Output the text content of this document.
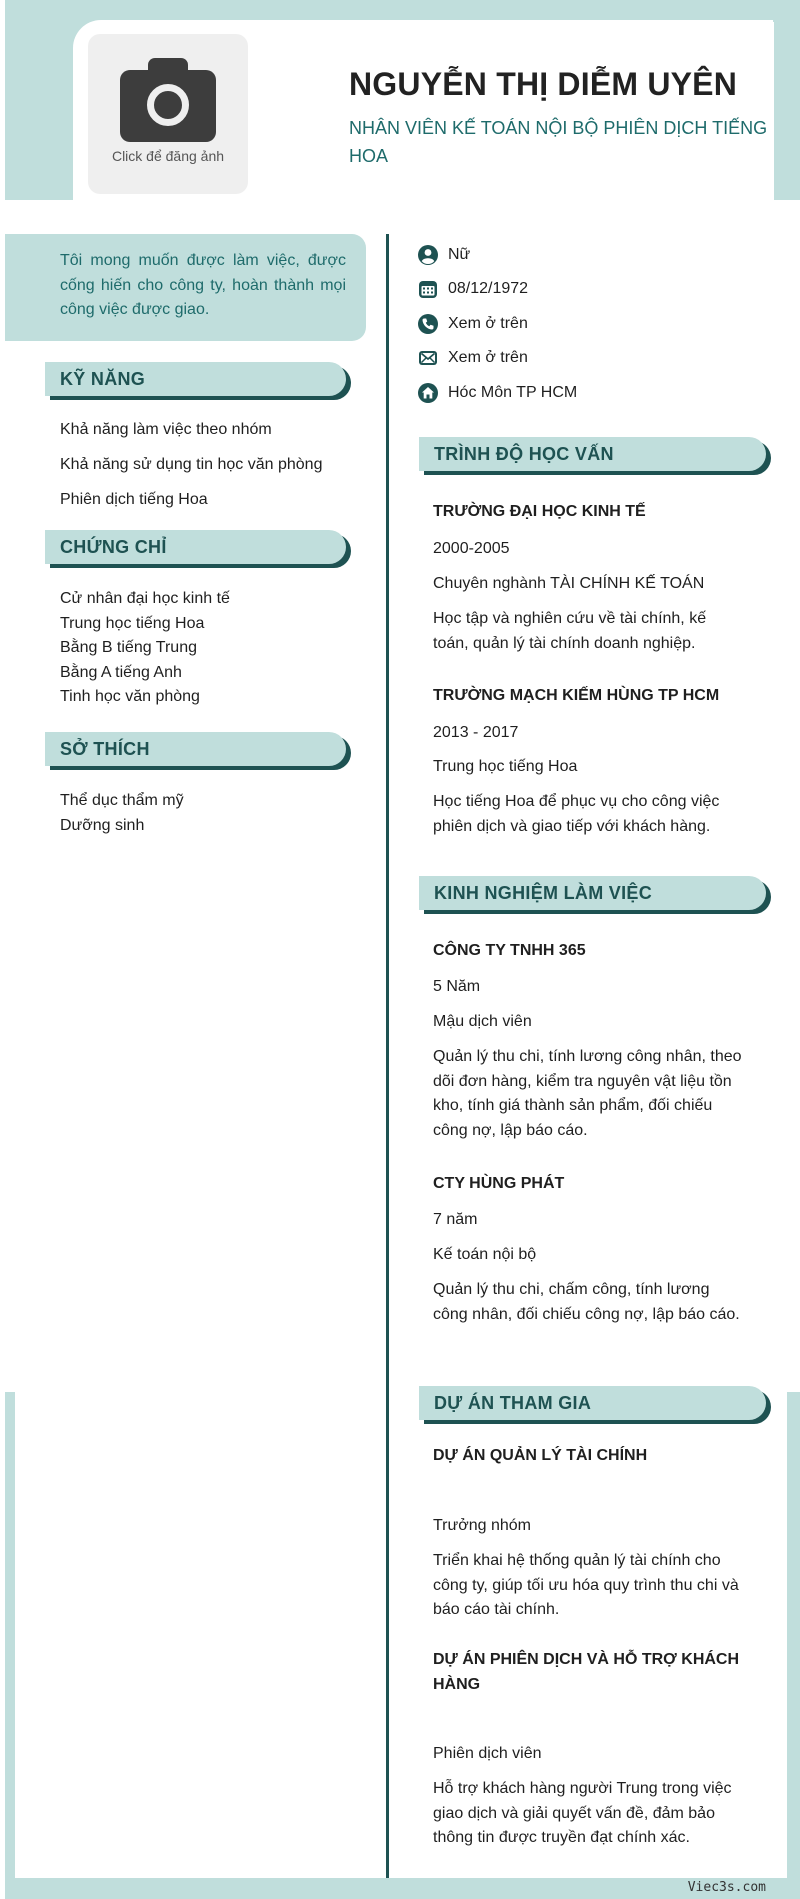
Viec3s.com
Click để đăng ảnh
NGUYỄN THỊ DIỄM UYÊN
NHÂN VIÊN KẾ TOÁN NỘI BỘ PHIÊN DỊCH TIẾNG HOA
Tôi mong muốn được làm việc, được cống hiến cho công ty, hoàn thành mọi công việc được giao.
KỸ NĂNG
Khả năng làm việc theo nhóm
Khả năng sử dụng tin học văn phòng
Phiên dịch tiếng Hoa
CHỨNG CHỈ
Cử nhân đại học kinh tế
Trung học tiếng Hoa
Bằng B tiếng Trung
Bằng A tiếng Anh
Tinh học văn phòng
SỞ THÍCH
Thể dục thẩm mỹ
Dưỡng sinh
Nữ
08/12/1972
Xem ở trên
Xem ở trên
Hóc Môn TP HCM
TRÌNH ĐỘ HỌC VẤN
TRƯỜNG ĐẠI HỌC KINH TẾ
2000-2005
Chuyên nghành TÀI CHÍNH KẾ TOÁN
Học tập và nghiên cứu về tài chính, kế toán, quản lý tài chính doanh nghiệp.
TRƯỜNG MẠCH KIẾM HÙNG TP HCM
2013 - 2017
Trung học tiếng Hoa
Học tiếng Hoa để phục vụ cho công việc phiên dịch và giao tiếp với khách hàng.
KINH NGHIỆM LÀM VIỆC
CÔNG TY TNHH 365
5 Năm
Mậu dịch viên
Quản lý thu chi, tính lương công nhân, theo dõi đơn hàng, kiểm tra nguyên vật liệu tồn kho, tính giá thành sản phẩm, đối chiếu công nợ, lập báo cáo.
CTY HÙNG PHÁT
7 năm
Kế toán nội bộ
Quản lý thu chi, chấm công, tính lương công nhân, đối chiếu công nợ, lập báo cáo.
DỰ ÁN THAM GIA
DỰ ÁN QUẢN LÝ TÀI CHÍNH
Trưởng nhóm
Triển khai hệ thống quản lý tài chính cho công ty, giúp tối ưu hóa quy trình thu chi và báo cáo tài chính.
DỰ ÁN PHIÊN DỊCH VÀ HỖ TRỢ KHÁCH HÀNG
Phiên dịch viên
Hỗ trợ khách hàng người Trung trong việc giao dịch và giải quyết vấn đề, đảm bảo thông tin được truyền đạt chính xác.
